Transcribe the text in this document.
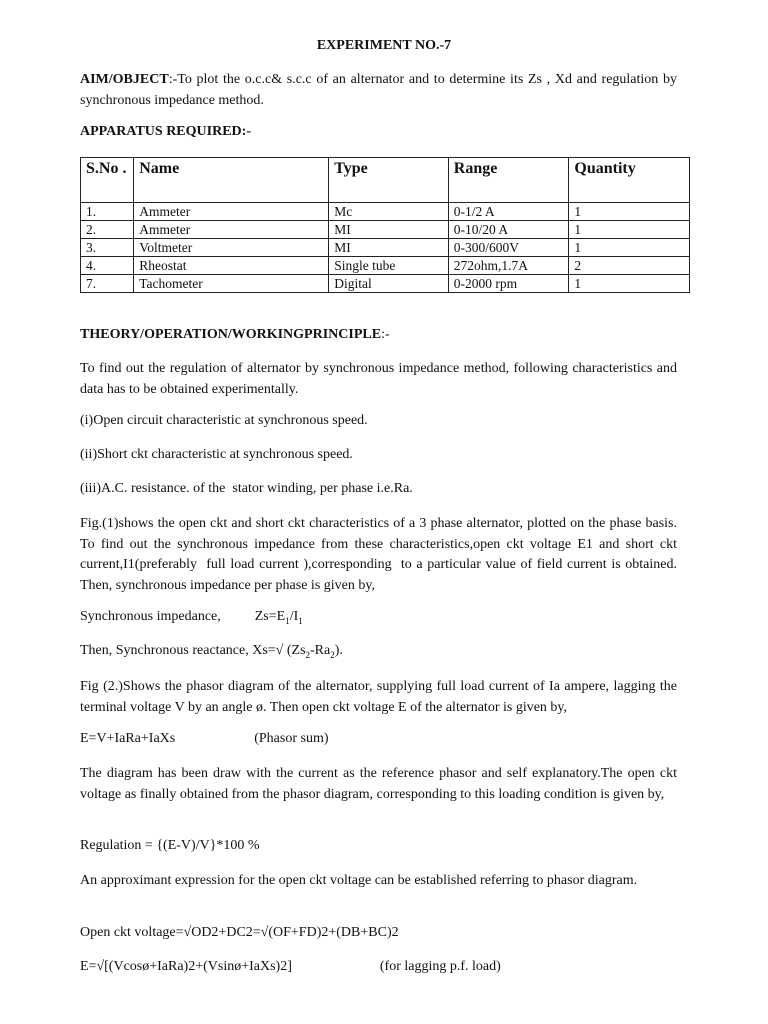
EXPERIMENT NO.-7
AIM/OBJECT:-To plot the o.c.c& s.c.c of an alternator and to determine its Zs , Xd and regulation by synchronous impedance method.
APPARATUS REQUIRED:-
S.No .	Name	Type	Range	Quantity
1.	Ammeter	Mc	0-1/2 A	1
2.	Ammeter	MI	0-10/20 A	1
3.	Voltmeter	MI	0-300/600V	1
4.	Rheostat	Single tube	272ohm,1.7A	2
7.	Tachometer	Digital	0-2000 rpm	1
THEORY/OPERATION/WORKINGPRINCIPLE:-
To find out the regulation of alternator by synchronous impedance method, following characteristics and data has to be obtained experimentally.
(i)Open circuit characteristic at synchronous speed.
(ii)Short ckt characteristic at synchronous speed.
(iii)A.C. resistance. of the  stator winding, per phase i.e.Ra.
Fig.(1)shows the open ckt and short ckt characteristics of a 3 phase alternator, plotted on the phase basis. To find out the synchronous impedance from these characteristics,open ckt voltage E1 and short ckt current,I1(preferably  full load current ),corresponding  to a particular value of field current is obtained. Then, synchronous impedance per phase is given by,
Synchronous impedance, $Zs=E_1/I_1$
Then, Synchronous reactance, Xs=√ $(Zs_2-Ra_2)$.
Fig (2.)Shows the phasor diagram of the alternator, supplying full load current of Ia ampere, lagging the terminal voltage V by an angle ø. Then open ckt voltage E of the alternator is given by,
E=V+IaRa+IaXs	(Phasor sum)
The diagram has been draw with the current as the reference phasor and self explanatory.The open ckt voltage as finally obtained from the phasor diagram, corresponding to this loading condition is given by,
Regulation = {(E-V)/V}*100 %
An approximant expression for the open ckt voltage can be established referring to phasor diagram.
Open ckt voltage=√OD2+DC2=√(OF+FD)2+(DB+BC)2
E=√[(Vcosø+IaRa)2+(Vsinø+IaXs)2]	(for lagging p.f. load)
